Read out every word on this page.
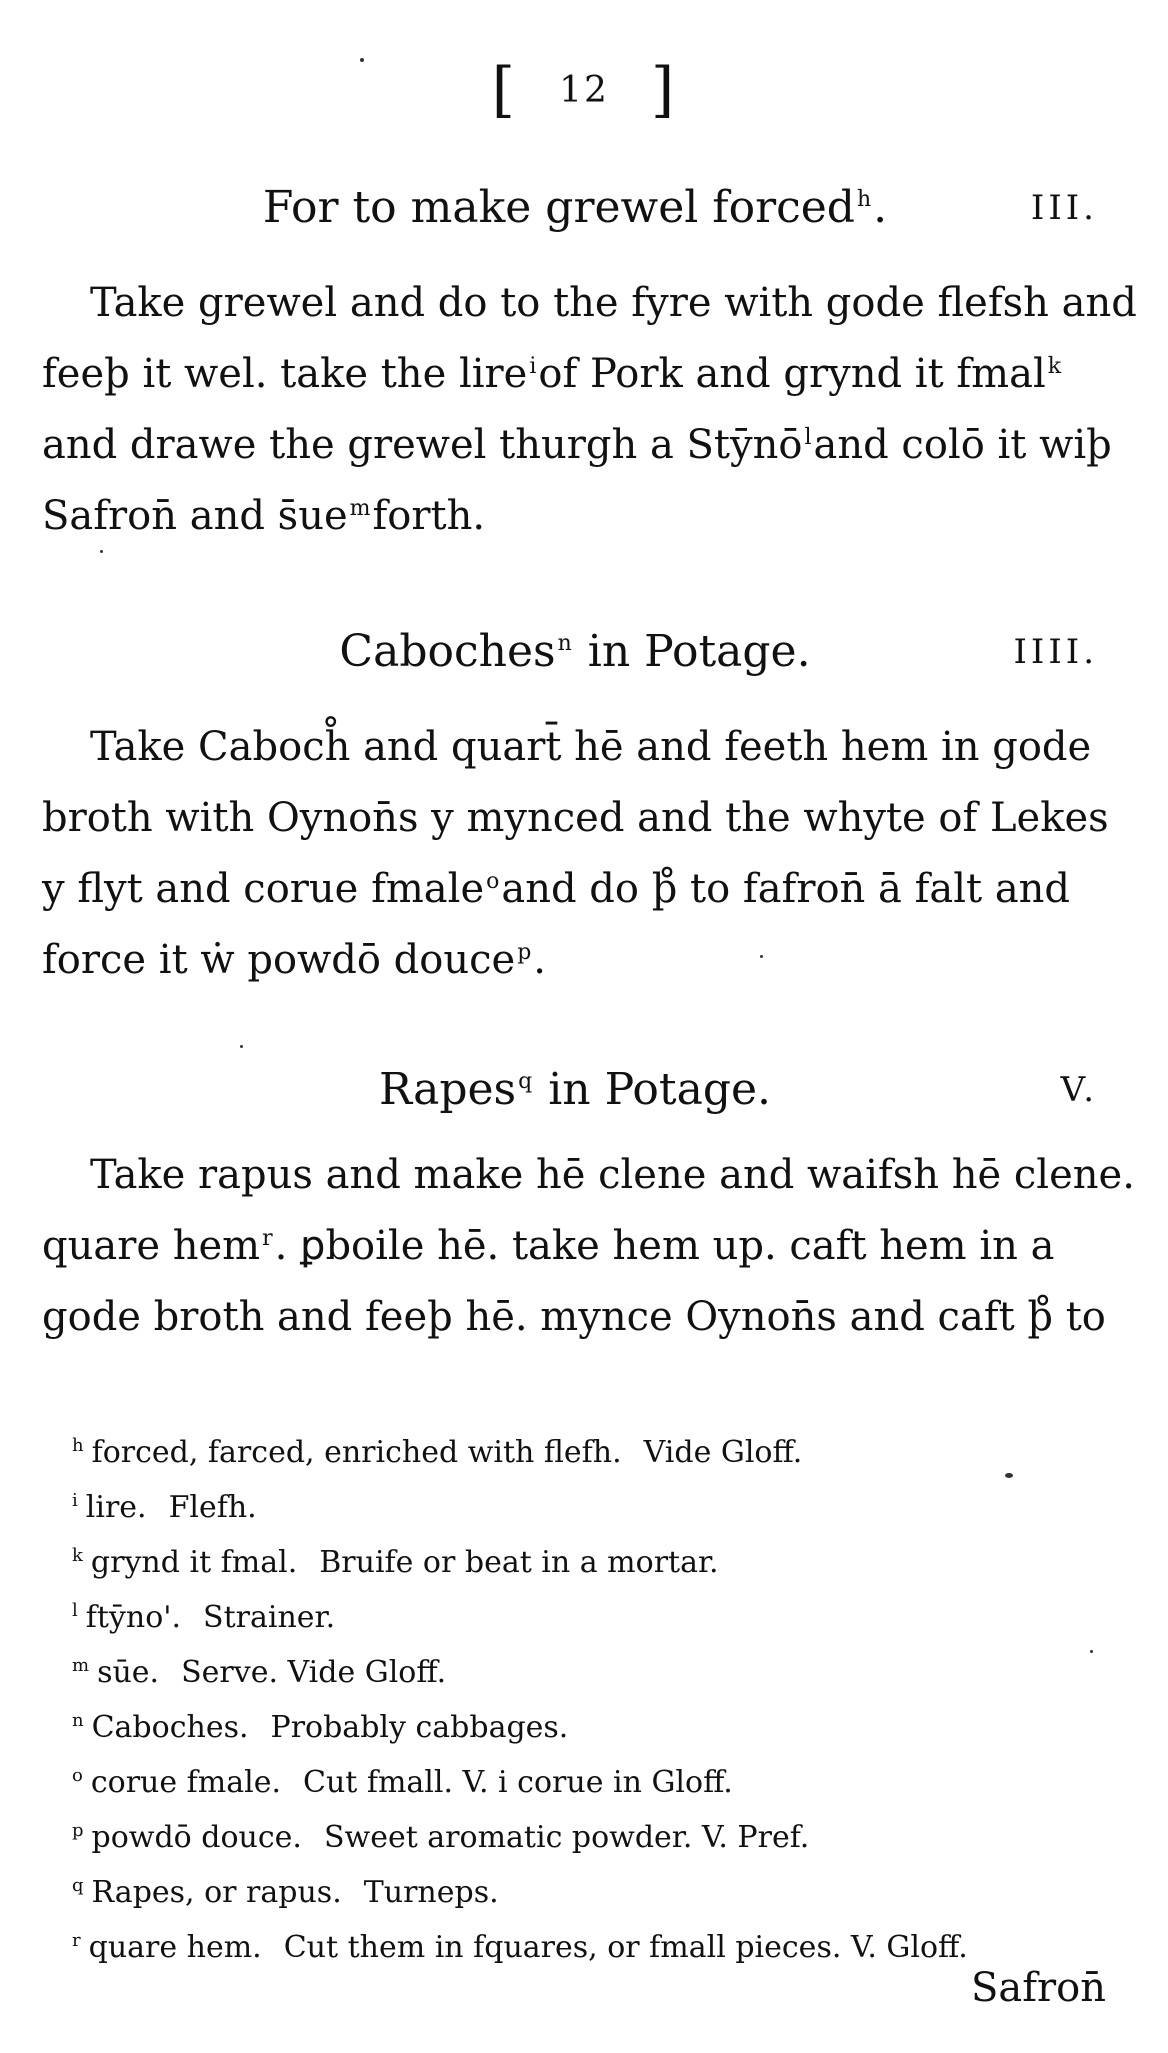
[ 12 ]
For to make grewel forced$^h$.	III.
Take grewel and do to the fyre with gode flefsh and
feeþ it wel. take the lire$^i$of Pork and grynd it fmal$^k$
and drawe the grewel thurgh a Stȳnō$^l$and colō it wiþ
Safron̄ and s̄ue$^m$forth.
Caboches$^n$ in Potage.	IIII.
Take Caboch̊ and quart̄ hē and feeth hem in gode
broth with Oynon̄s y mynced and the whyte of Lekes
y flyt and corue fmale$^o$and do þ̊ to fafron̄ ā falt and
force it ẇ powdō douce$^p$.
Rapes$^q$ in Potage.	V.
Take rapus and make hē clene and waifsh hē clene.
quare hem$^r$. ꝑboile hē. take hem up. caft hem in a
gode broth and feeþ hē. mynce Oynon̄s and caft þ̊ to
$^h$ forced, farced, enriched with flefh. Vide Gloff.
$^i$ lire. Flefh.
$^k$ grynd it fmal. Bruife or beat in a mortar.
$^l$ ftȳno'. Strainer.
$^m$ sūe. Serve. Vide Gloff.
$^n$ Caboches. Probably cabbages.
$^o$ corue fmale. Cut fmall. V. i corue in Gloff.
$^p$ powdō douce. Sweet aromatic powder. V. Pref.
$^q$ Rapes, or rapus. Turneps.
$^r$ quare hem. Cut them in fquares, or fmall pieces. V. Gloff.
Safron̄
